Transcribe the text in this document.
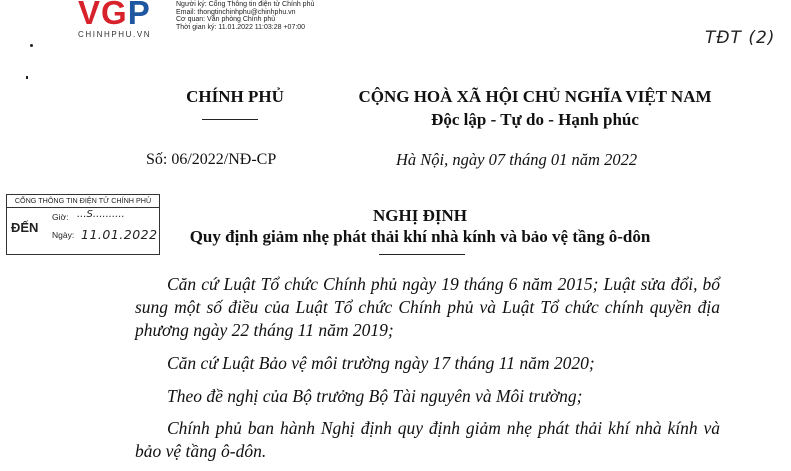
VGP
CHINHPHU.VN
Người ký: Cổng Thông tin điện tử Chính phủ
Email: thongtinchinhphu@chinhphu.vn
Cơ quan: Văn phòng Chính phủ
Thời gian ký: 11.01.2022 11:03:28 +07:00
TĐT (2)
CHÍNH PHỦ	CỘNG HOÀ XÃ HỘI CHỦ NGHĨA VIỆT NAM
Độc lập - Tự do - Hạnh phúc
Số: 06/2022/NĐ-CP	Hà Nội, ngày 07 tháng 01 năm 2022
CỔNG THÔNG TIN ĐIỆN TỬ CHÍNH PHỦ
ĐẾN
Giờ: ...S..........
Ngày: 11.01.2022
NGHỊ ĐỊNH
Quy định giảm nhẹ phát thải khí nhà kính và bảo vệ tầng ô-dôn
Căn cứ Luật Tổ chức Chính phủ ngày 19 tháng 6 năm 2015; Luật sửa đổi, bổ sung một số điều của Luật Tổ chức Chính phủ và Luật Tổ chức chính quyền địa phương ngày 22 tháng 11 năm 2019;
Căn cứ Luật Bảo vệ môi trường ngày 17 tháng 11 năm 2020;
Theo đề nghị của Bộ trưởng Bộ Tài nguyên và Môi trường;
Chính phủ ban hành Nghị định quy định giảm nhẹ phát thải khí nhà kính và bảo vệ tầng ô-dôn.
